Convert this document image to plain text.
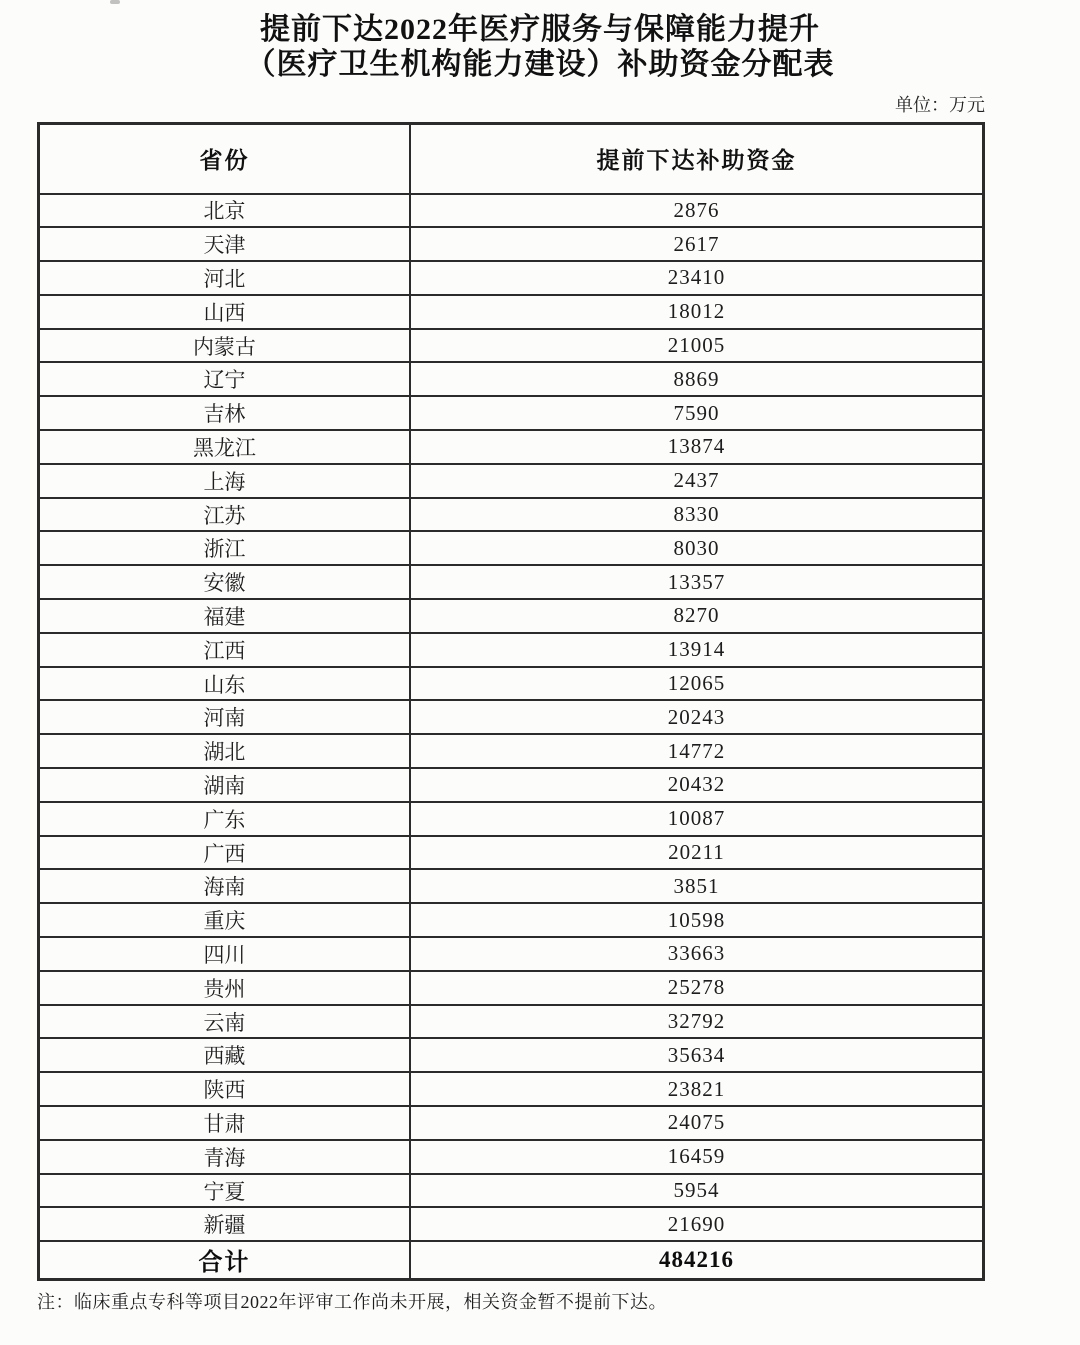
提前下达2022年医疗服务与保障能力提升
（医疗卫生机构能力建设）补助资金分配表
单位：万元
省份	提前下达补助资金
北京	2876
天津	2617
河北	23410
山西	18012
内蒙古	21005
辽宁	8869
吉林	7590
黑龙江	13874
上海	2437
江苏	8330
浙江	8030
安徽	13357
福建	8270
江西	13914
山东	12065
河南	20243
湖北	14772
湖南	20432
广东	10087
广西	20211
海南	3851
重庆	10598
四川	33663
贵州	25278
云南	32792
西藏	35634
陕西	23821
甘肃	24075
青海	16459
宁夏	5954
新疆	21690
合计	484216
注：临床重点专科等项目2022年评审工作尚未开展，相关资金暂不提前下达。
